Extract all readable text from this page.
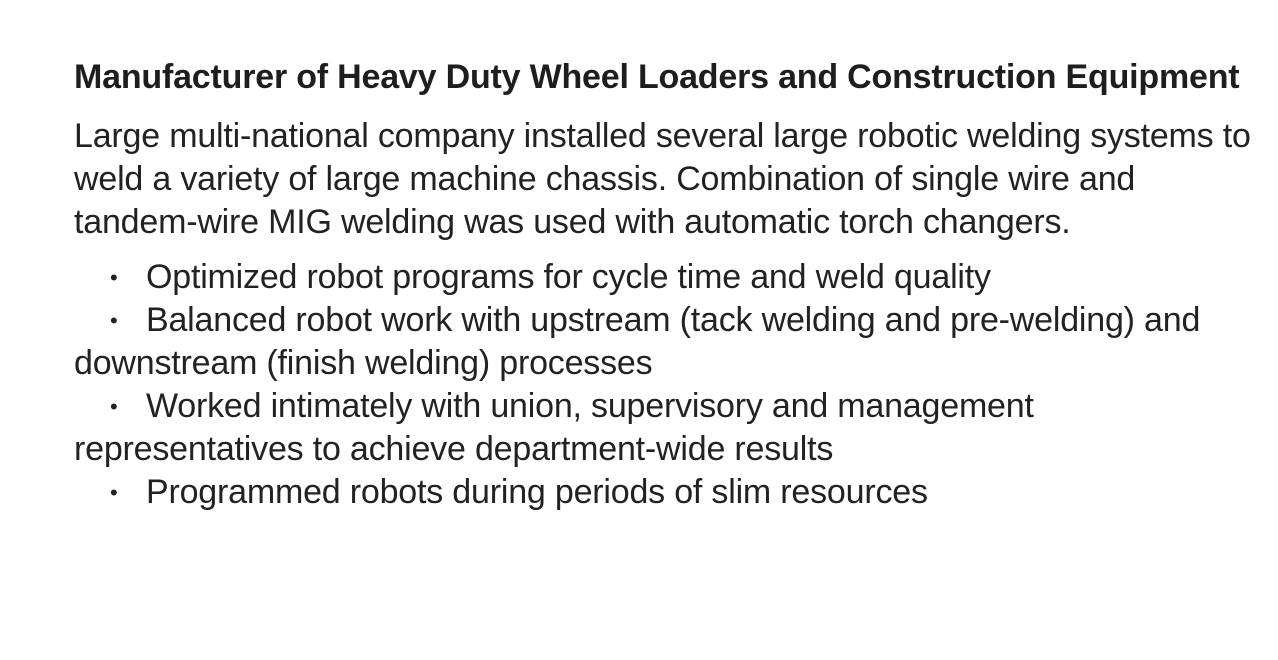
Manufacturer of Heavy Duty Wheel Loaders and Construction Equipment

Large multi-national company installed several large robotic welding systems to weld a variety of large machine chassis. Combination of single wire and tandem-wire MIG welding was used with automatic torch changers.

• Optimized robot programs for cycle time and weld quality
• Balanced robot work with upstream (tack welding and pre-welding) and downstream (finish welding) processes
• Worked intimately with union, supervisory and management representatives to achieve department-wide results
• Programmed robots during periods of slim resources
